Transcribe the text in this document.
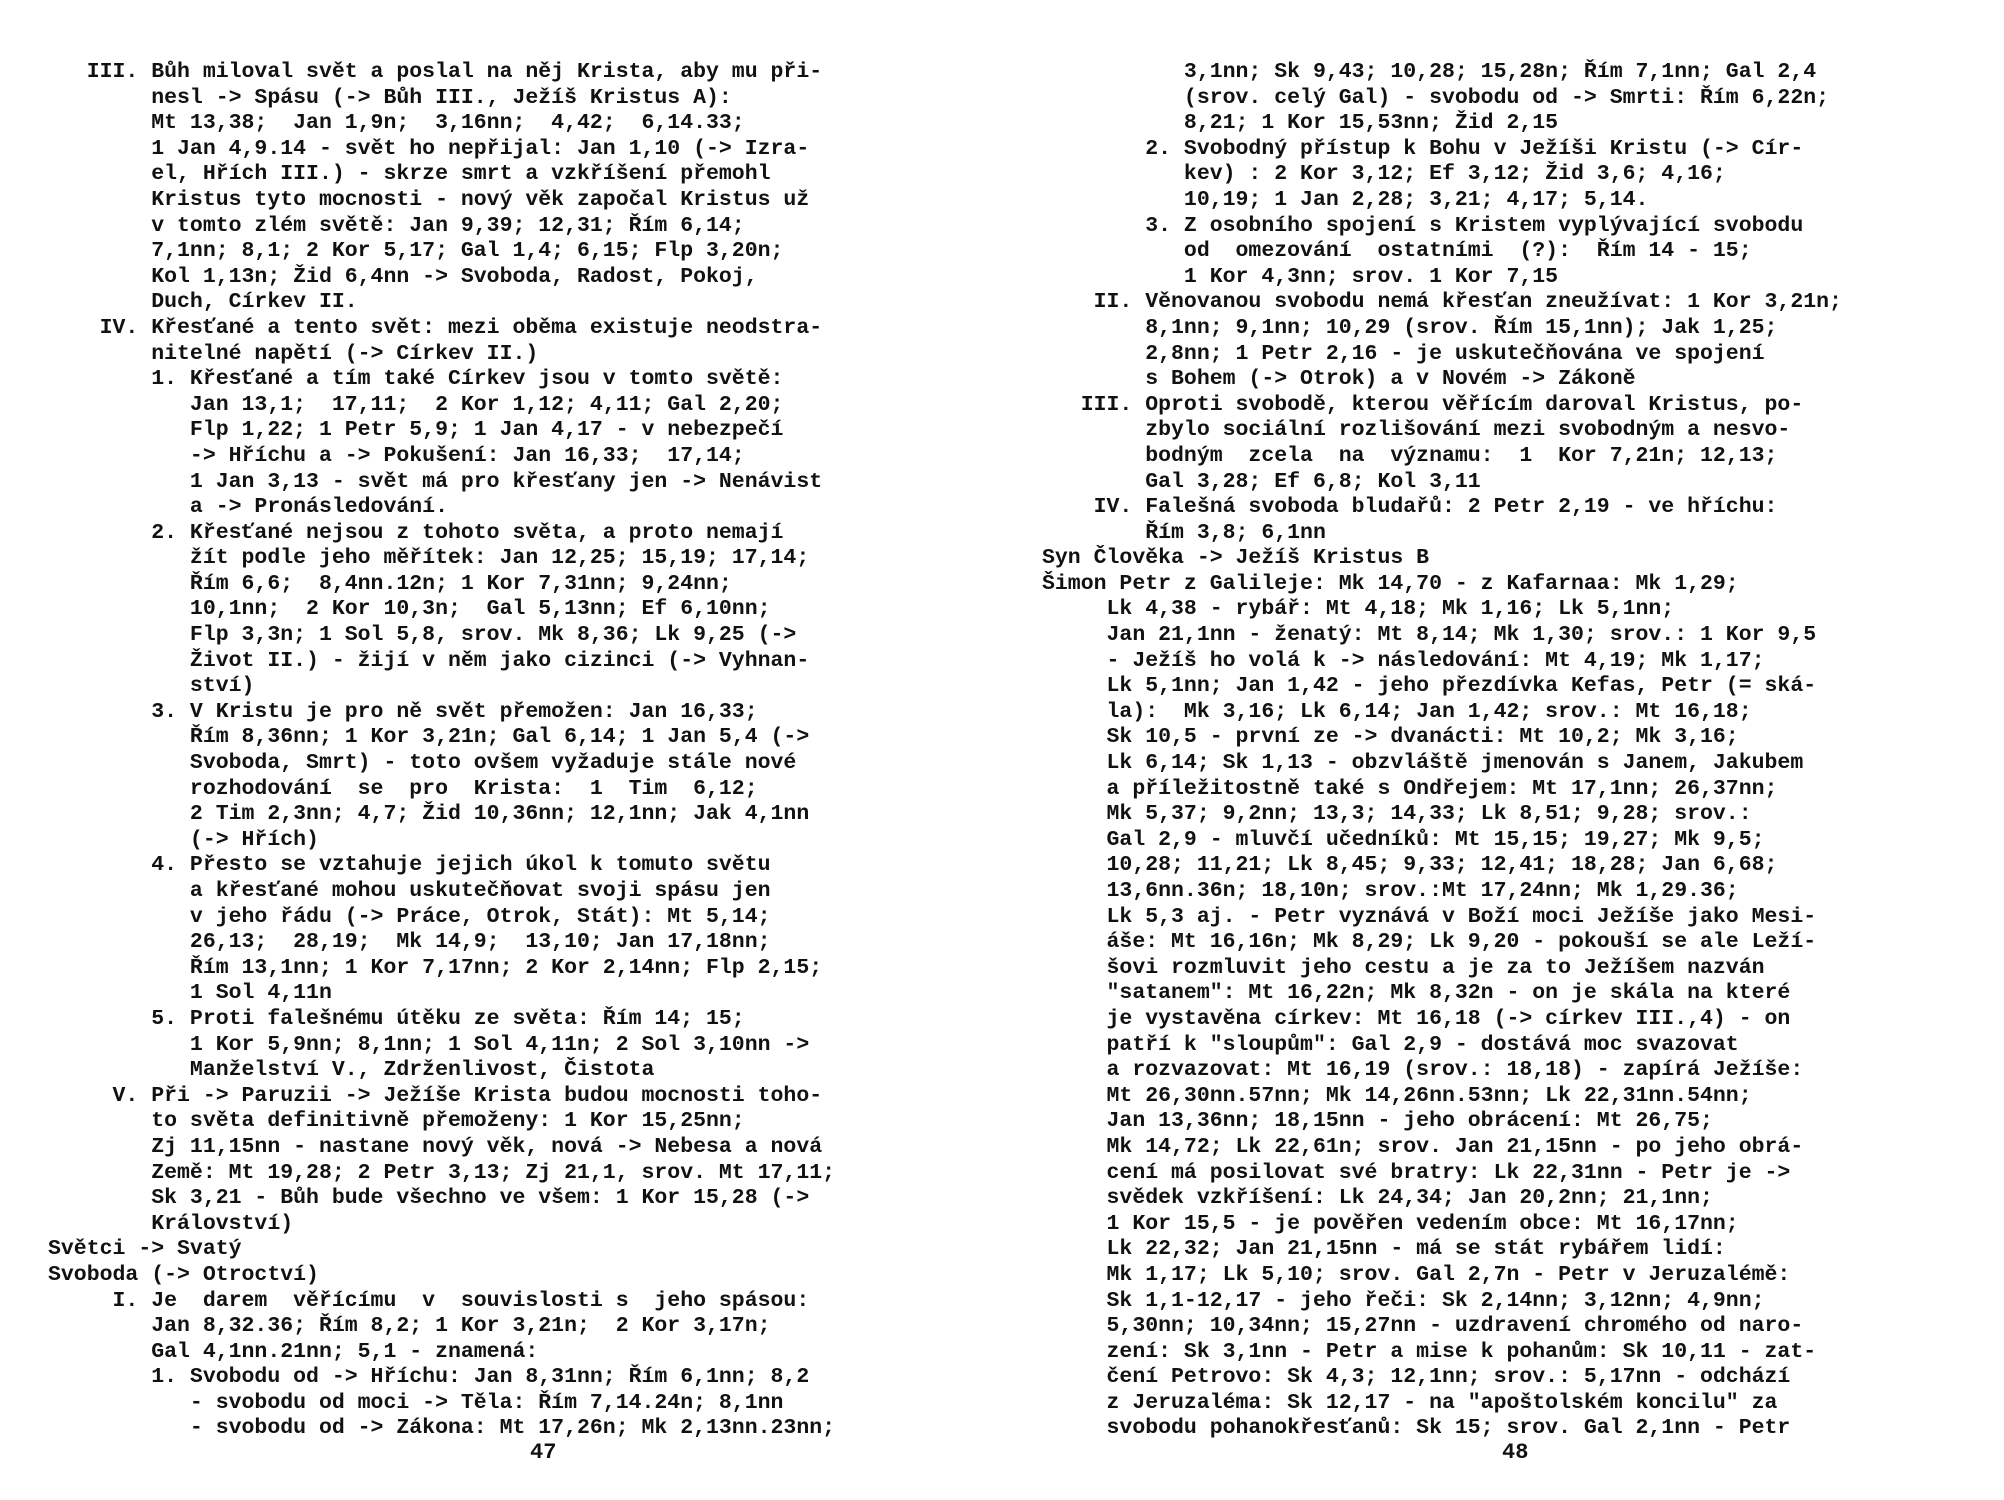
III. Bůh miloval svět a poslal na něj Krista, aby mu při-
nesl -> Spásu (-> Bůh III., Ježíš Kristus A):
Mt 13,38;  Jan 1,9n;  3,16nn;  4,42;  6,14.33;
1 Jan 4,9.14 - svět ho nepřijal: Jan 1,10 (-> Izra-
el, Hřích III.) - skrze smrt a vzkříšení přemohl
Kristus tyto mocnosti - nový věk započal Kristus už
v tomto zlém světě: Jan 9,39; 12,31; Řím 6,14;
7,1nn; 8,1; 2 Kor 5,17; Gal 1,4; 6,15; Flp 3,20n;
Kol 1,13n; Žid 6,4nn -> Svoboda, Radost, Pokoj,
Duch, Církev II.
IV. Křesťané a tento svět: mezi oběma existuje neodstra-
nitelné napětí (-> Církev II.)
1. Křesťané a tím také Církev jsou v tomto světě:
Jan 13,1;  17,11;  2 Kor 1,12; 4,11; Gal 2,20;
Flp 1,22; 1 Petr 5,9; 1 Jan 4,17 - v nebezpečí
-> Hříchu a -> Pokušení: Jan 16,33;  17,14;
1 Jan 3,13 - svět má pro křesťany jen -> Nenávist
a -> Pronásledování.
2. Křesťané nejsou z tohoto světa, a proto nemají
žít podle jeho měřítek: Jan 12,25; 15,19; 17,14;
Řím 6,6;  8,4nn.12n; 1 Kor 7,31nn; 9,24nn;
10,1nn;  2 Kor 10,3n;  Gal 5,13nn; Ef 6,10nn;
Flp 3,3n; 1 Sol 5,8, srov. Mk 8,36; Lk 9,25 (->
Život II.) - žijí v něm jako cizinci (-> Vyhnan-
ství)
3. V Kristu je pro ně svět přemožen: Jan 16,33;
Řím 8,36nn; 1 Kor 3,21n; Gal 6,14; 1 Jan 5,4 (->
Svoboda, Smrt) - toto ovšem vyžaduje stále nové
rozhodování  se  pro  Krista:  1  Tim  6,12;
2 Tim 2,3nn; 4,7; Žid 10,36nn; 12,1nn; Jak 4,1nn
(-> Hřích)
4. Přesto se vztahuje jejich úkol k tomuto světu
a křesťané mohou uskutečňovat svoji spásu jen
v jeho řádu (-> Práce, Otrok, Stát): Mt 5,14;
26,13;  28,19;  Mk 14,9;  13,10; Jan 17,18nn;
Řím 13,1nn; 1 Kor 7,17nn; 2 Kor 2,14nn; Flp 2,15;
1 Sol 4,11n
5. Proti falešnému útěku ze světa: Řím 14; 15;
1 Kor 5,9nn; 8,1nn; 1 Sol 4,11n; 2 Sol 3,10nn ->
Manželství V., Zdrženlivost, Čistota
V. Při -> Paruzii -> Ježíše Krista budou mocnosti toho-
to světa definitivně přemoženy: 1 Kor 15,25nn;
Zj 11,15nn - nastane nový věk, nová -> Nebesa a nová
Země: Mt 19,28; 2 Petr 3,13; Zj 21,1, srov. Mt 17,11;
Sk 3,21 - Bůh bude všechno ve všem: 1 Kor 15,28 (->
Království)
Světci -> Svatý
Svoboda (-> Otroctví)
I. Je  darem  věřícímu  v  souvislosti s  jeho spásou:
Jan 8,32.36; Řím 8,2; 1 Kor 3,21n;  2 Kor 3,17n;
Gal 4,1nn.21nn; 5,1 - znamená:
1. Svobodu od -> Hříchu: Jan 8,31nn; Řím 6,1nn; 8,2
- svobodu od moci -> Těla: Řím 7,14.24n; 8,1nn
- svobodu od -> Zákona: Mt 17,26n; Mk 2,13nn.23nn;
47
3,1nn; Sk 9,43; 10,28; 15,28n; Řím 7,1nn; Gal 2,4
(srov. celý Gal) - svobodu od -> Smrti: Řím 6,22n;
8,21; 1 Kor 15,53nn; Žid 2,15
2. Svobodný přístup k Bohu v Ježíši Kristu (-> Cír-
kev) : 2 Kor 3,12; Ef 3,12; Žid 3,6; 4,16;
10,19; 1 Jan 2,28; 3,21; 4,17; 5,14.
3. Z osobního spojení s Kristem vyplývající svobodu
od  omezování  ostatními  (?):  Řím 14 - 15;
1 Kor 4,3nn; srov. 1 Kor 7,15
II. Věnovanou svobodu nemá křesťan zneužívat: 1 Kor 3,21n;
8,1nn; 9,1nn; 10,29 (srov. Řím 15,1nn); Jak 1,25;
2,8nn; 1 Petr 2,16 - je uskutečňována ve spojení
s Bohem (-> Otrok) a v Novém -> Zákoně
III. Oproti svobodě, kterou věřícím daroval Kristus, po-
zbylo sociální rozlišování mezi svobodným a nesvo-
bodným  zcela  na  významu:  1  Kor 7,21n; 12,13;
Gal 3,28; Ef 6,8; Kol 3,11
IV. Falešná svoboda bludařů: 2 Petr 2,19 - ve hříchu:
Řím 3,8; 6,1nn
Syn Člověka -> Ježíš Kristus B
Šimon Petr z Galileje: Mk 14,70 - z Kafarnaa: Mk 1,29;
Lk 4,38 - rybář: Mt 4,18; Mk 1,16; Lk 5,1nn;
Jan 21,1nn - ženatý: Mt 8,14; Mk 1,30; srov.: 1 Kor 9,5
- Ježíš ho volá k -> následování: Mt 4,19; Mk 1,17;
Lk 5,1nn; Jan 1,42 - jeho přezdívka Kefas, Petr (= ská-
la):  Mk 3,16; Lk 6,14; Jan 1,42; srov.: Mt 16,18;
Sk 10,5 - první ze -> dvanácti: Mt 10,2; Mk 3,16;
Lk 6,14; Sk 1,13 - obzvláště jmenován s Janem, Jakubem
a příležitostně také s Ondřejem: Mt 17,1nn; 26,37nn;
Mk 5,37; 9,2nn; 13,3; 14,33; Lk 8,51; 9,28; srov.:
Gal 2,9 - mluvčí učedníků: Mt 15,15; 19,27; Mk 9,5;
10,28; 11,21; Lk 8,45; 9,33; 12,41; 18,28; Jan 6,68;
13,6nn.36n; 18,10n; srov.:Mt 17,24nn; Mk 1,29.36;
Lk 5,3 aj. - Petr vyznává v Boží moci Ježíše jako Mesi-
áše: Mt 16,16n; Mk 8,29; Lk 9,20 - pokouší se ale Leží-
šovi rozmluvit jeho cestu a je za to Ježíšem nazván
"satanem": Mt 16,22n; Mk 8,32n - on je skála na které
je vystavěna církev: Mt 16,18 (-> církev III.,4) - on
patří k "sloupům": Gal 2,9 - dostává moc svazovat
a rozvazovat: Mt 16,19 (srov.: 18,18) - zapírá Ježíše:
Mt 26,30nn.57nn; Mk 14,26nn.53nn; Lk 22,31nn.54nn;
Jan 13,36nn; 18,15nn - jeho obrácení: Mt 26,75;
Mk 14,72; Lk 22,61n; srov. Jan 21,15nn - po jeho obrá-
cení má posilovat své bratry: Lk 22,31nn - Petr je ->
svědek vzkříšení: Lk 24,34; Jan 20,2nn; 21,1nn;
1 Kor 15,5 - je pověřen vedením obce: Mt 16,17nn;
Lk 22,32; Jan 21,15nn - má se stát rybářem lidí:
Mk 1,17; Lk 5,10; srov. Gal 2,7n - Petr v Jeruzalémě:
Sk 1,1-12,17 - jeho řeči: Sk 2,14nn; 3,12nn; 4,9nn;
5,30nn; 10,34nn; 15,27nn - uzdravení chromého od naro-
zení: Sk 3,1nn - Petr a mise k pohanům: Sk 10,11 - zat-
čení Petrovo: Sk 4,3; 12,1nn; srov.: 5,17nn - odchází
z Jeruzaléma: Sk 12,17 - na "apoštolském koncilu" za
svobodu pohanokřesťanů: Sk 15; srov. Gal 2,1nn - Petr
48
